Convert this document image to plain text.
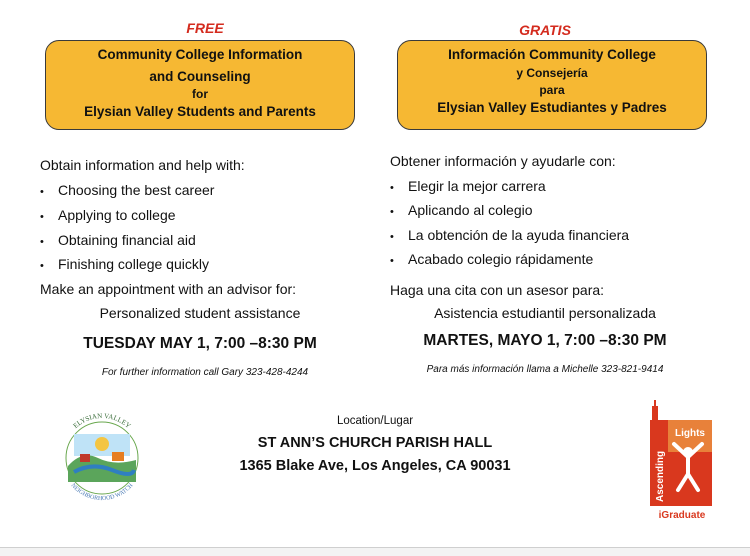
FREE	GRATIS
Community College Information
and Counseling
for
Elysian Valley Students and Parents
Información Community College
y Consejería
para
Elysian Valley Estudiantes y Padres
Obtain information and help with:
• Choosing the best career
• Applying to college
• Obtaining financial aid
• Finishing college quickly
Make an appointment with an advisor for:
Personalized student assistance
TUESDAY MAY 1, 7:00 –8:30 PM
For further information call Gary 323-428-4244
Obtener información y ayudarle con:
• Elegir la mejor carrera
• Aplicando al colegio
• La obtención de la ayuda financiera
• Acabado colegio rápidamente
Haga una cita con un asesor para:
Asistencia estudiantil personalizada
MARTES, MAYO 1, 7:00 –8:30 PM
Para más información llama a Michelle 323-821-9414
Location/Lugar
ST ANN’S CHURCH PARISH HALL
1365 Blake Ave, Los Angeles, CA 90031
ELYSIAN VALLEY
NEIGHBORHOOD WATCH
Lights
Ascending
iGraduate
